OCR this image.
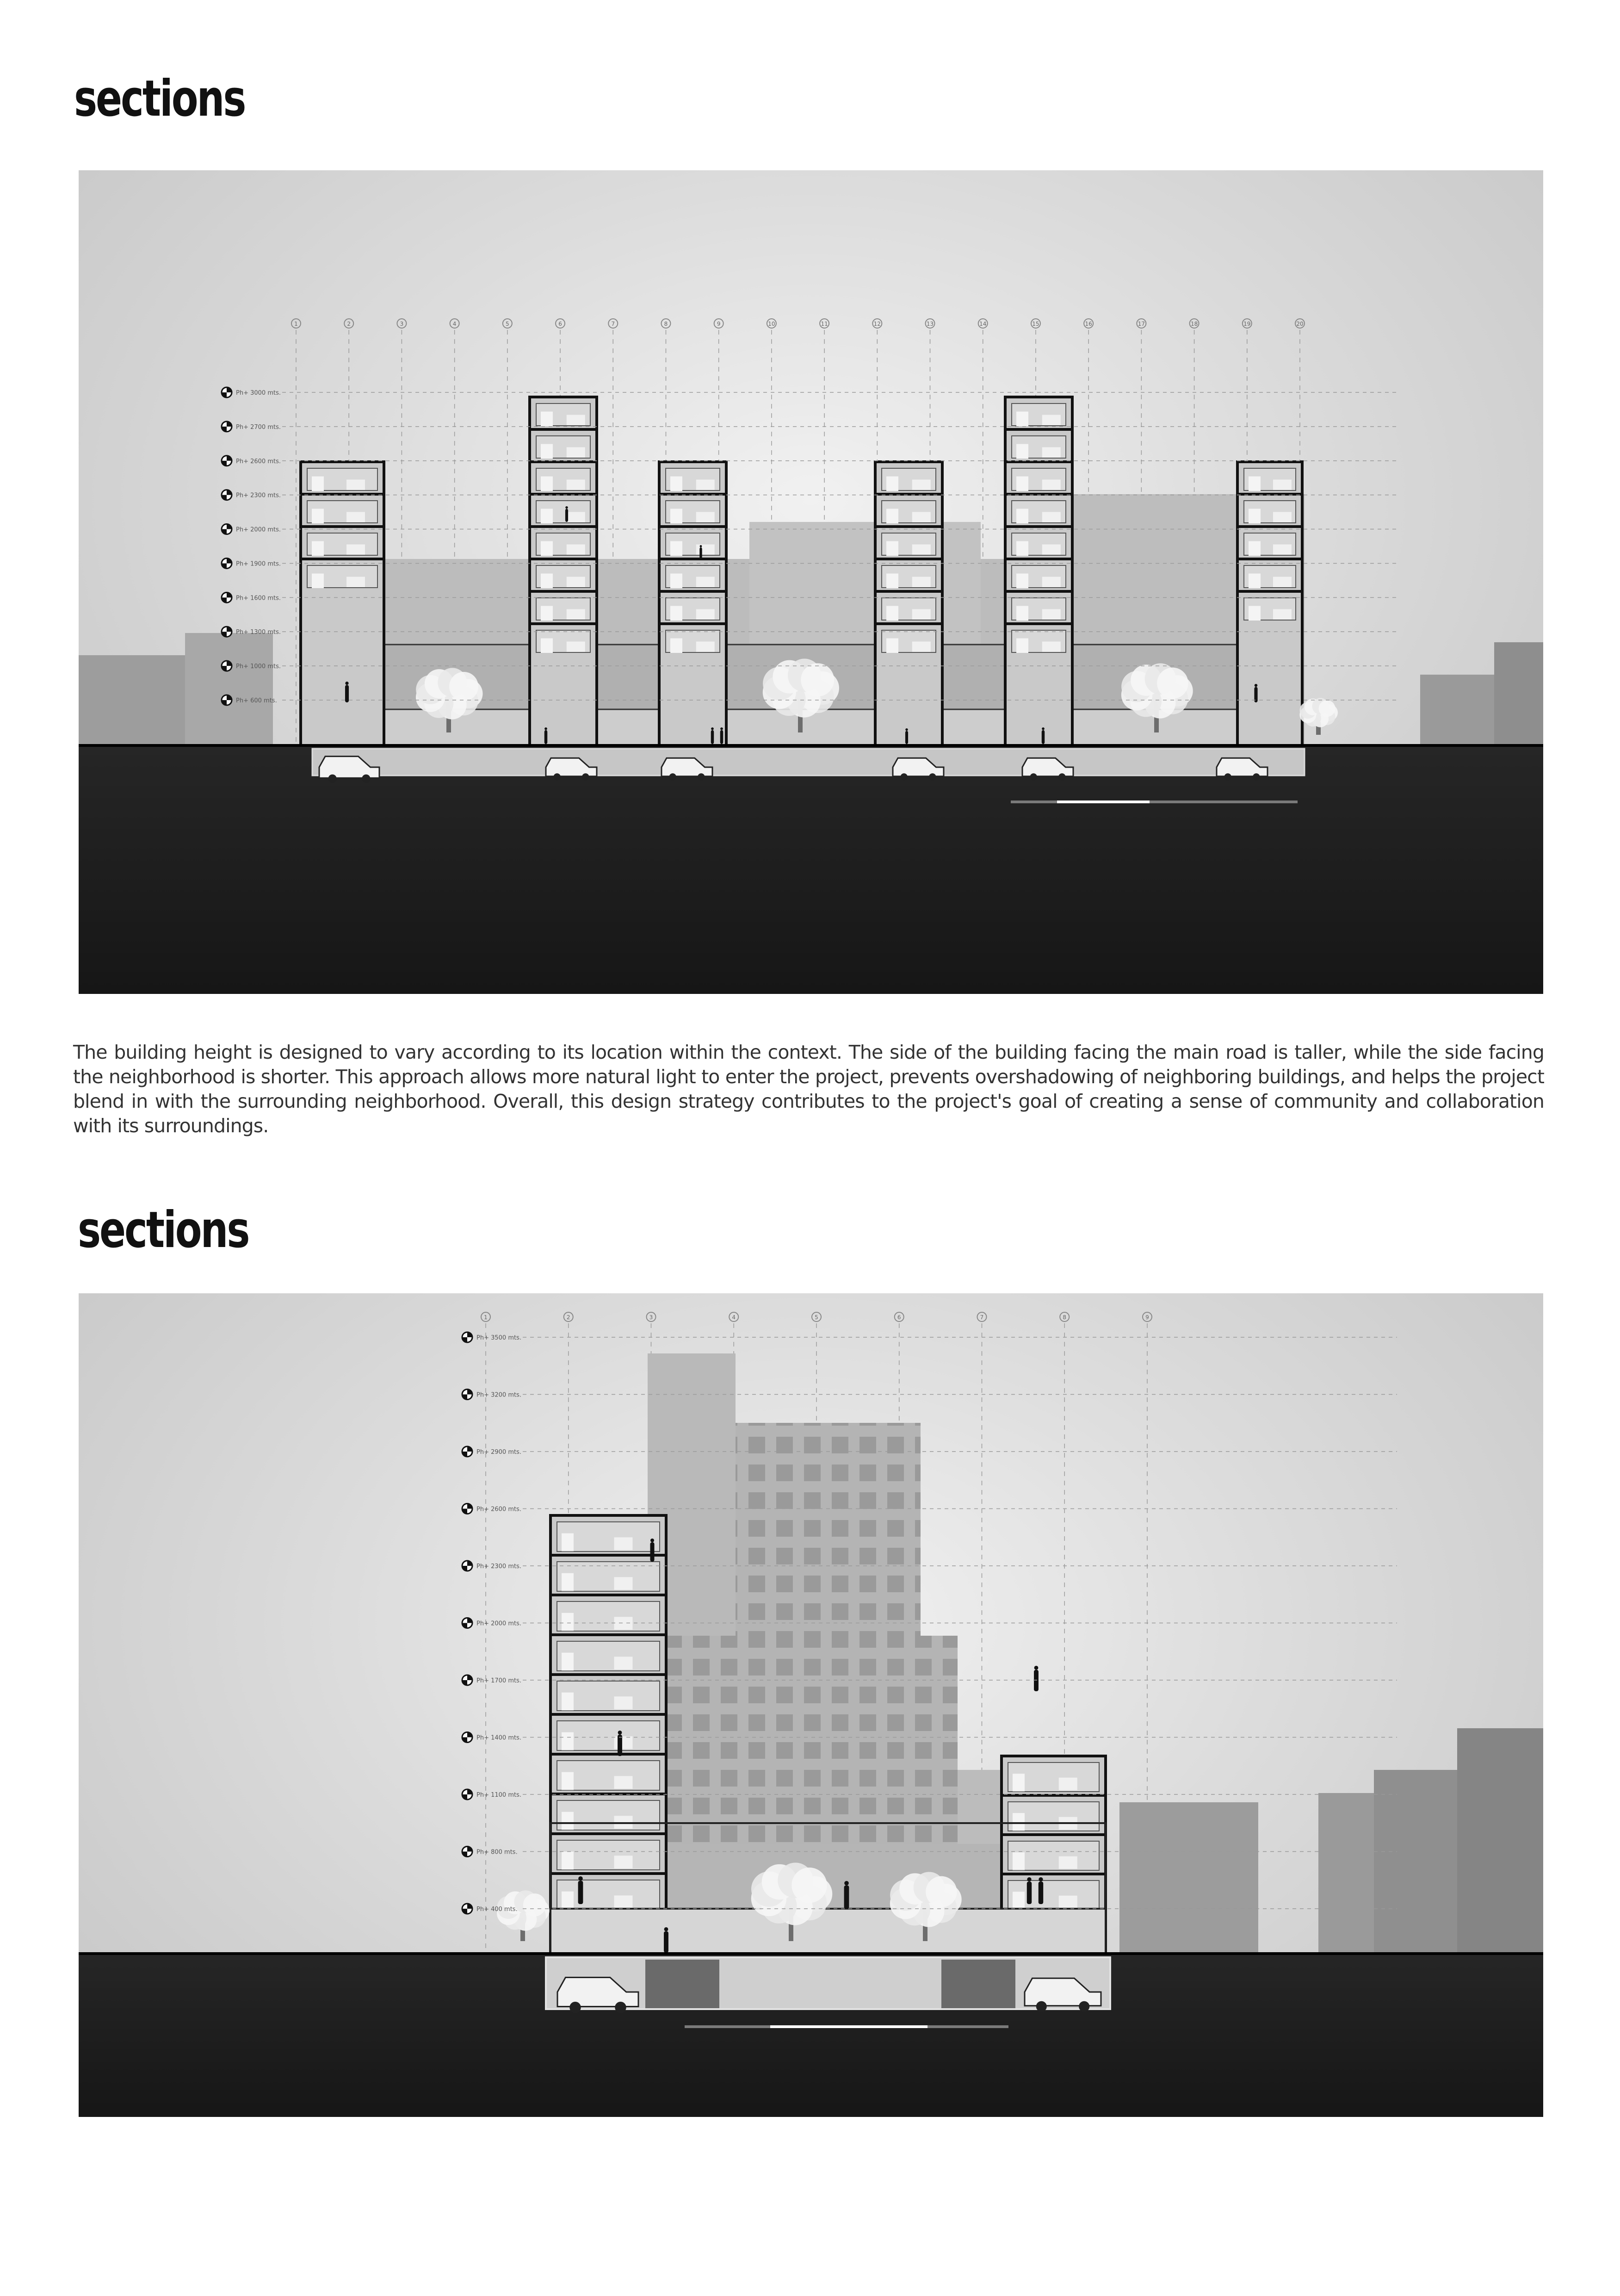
sections
1	2	3	4	5	6	7	8	9	10	11	12	13	14	15	16	17	18	19	20
Ph+ 3000 mts.
Ph+ 2700 mts.
Ph+ 2600 mts.
Ph+ 2300 mts.
Ph+ 2000 mts.
Ph+ 1900 mts.
Ph+ 1600 mts.
Ph+ 1300 mts.
Ph+ 1000 mts.
Ph+ 600 mts.

The building height is designed to vary according to its location within the context. The side of the building facing the main road is taller, while the side facing the neighborhood is shorter. This approach allows more natural light to enter the project, prevents overshadowing of neighboring buildings, and helps the project blend in with the surrounding neighborhood. Overall, this design strategy contributes to the project's goal of creating a sense of community and collaboration with its surroundings.

sections
1	2	3	4	5	6	7	8	9
Ph+ 3500 mts.
Ph+ 3200 mts.
Ph+ 2900 mts.
Ph+ 2600 mts.
Ph+ 2300 mts.
Ph+ 2000 mts.
Ph+ 1700 mts.
Ph+ 1400 mts.
Ph+ 1100 mts.
Ph+ 800 mts.
Ph+ 400 mts.
